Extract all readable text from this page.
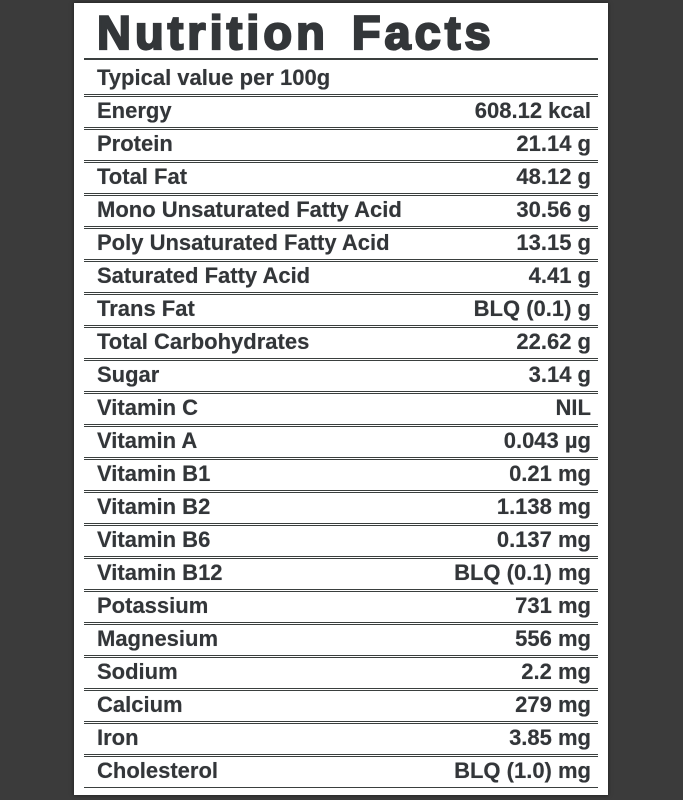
Nutrition Facts
Typical value per 100g
Energy	608.12 kcal
Protein	21.14 g
Total Fat	48.12 g
Mono Unsaturated Fatty Acid	30.56 g
Poly Unsaturated Fatty Acid	13.15 g
Saturated Fatty Acid	4.41 g
Trans Fat	BLQ (0.1) g
Total Carbohydrates	22.62 g
Sugar	3.14 g
Vitamin C	NIL
Vitamin A	0.043 µg
Vitamin B1	0.21 mg
Vitamin B2	1.138 mg
Vitamin B6	0.137 mg
Vitamin B12	BLQ (0.1) mg
Potassium	731 mg
Magnesium	556 mg
Sodium	2.2 mg
Calcium	279 mg
Iron	3.85 mg
Cholesterol	BLQ (1.0) mg
